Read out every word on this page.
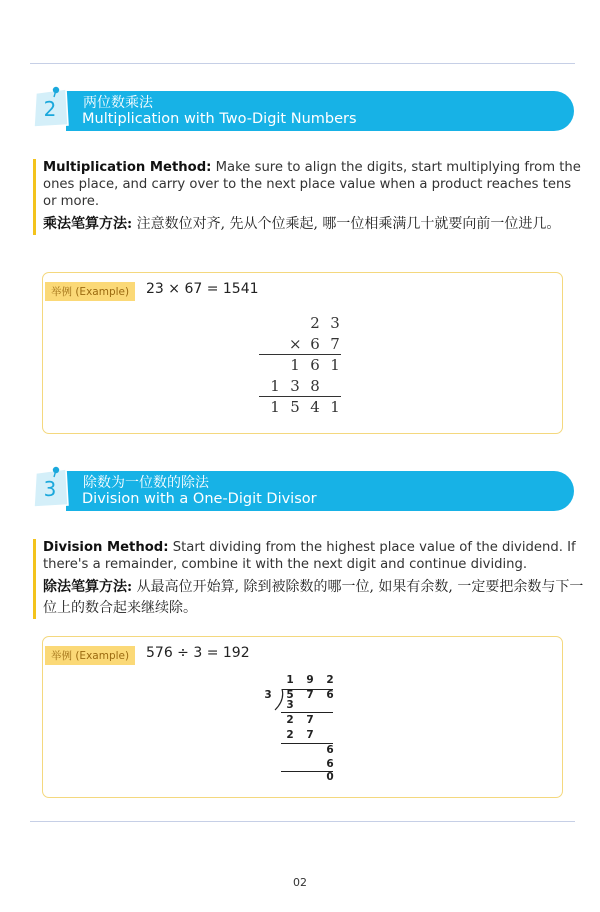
2	两位数乘法
Multiplication with Two-Digit Numbers

Multiplication Method: Make sure to align the digits, start multiplying from the ones place, and carry over to the next place value when a product reaches tens or more.

乘法笔算方法: 注意数位对齐, 先从个位乘起, 哪一位相乘满几十就要向前一位进几。

举例 (Example)	23 × 67 = 1541
2 3
× 6 7
1 6 1
1 3 8
1 5 4 1
3	除数为一位数的除法
Division with a One-Digit Divisor

Division Method: Start dividing from the highest place value of the dividend. If there's a remainder, combine it with the next digit and continue dividing.

除法笔算方法: 从最高位开始算, 除到被除数的哪一位, 如果有余数, 一定要把余数与下一位上的数合起来继续除。

举例 (Example)	576 ÷ 3 = 192
1 9 2
3 5 7 6
3
2 7
2 7
6
6
0
02
